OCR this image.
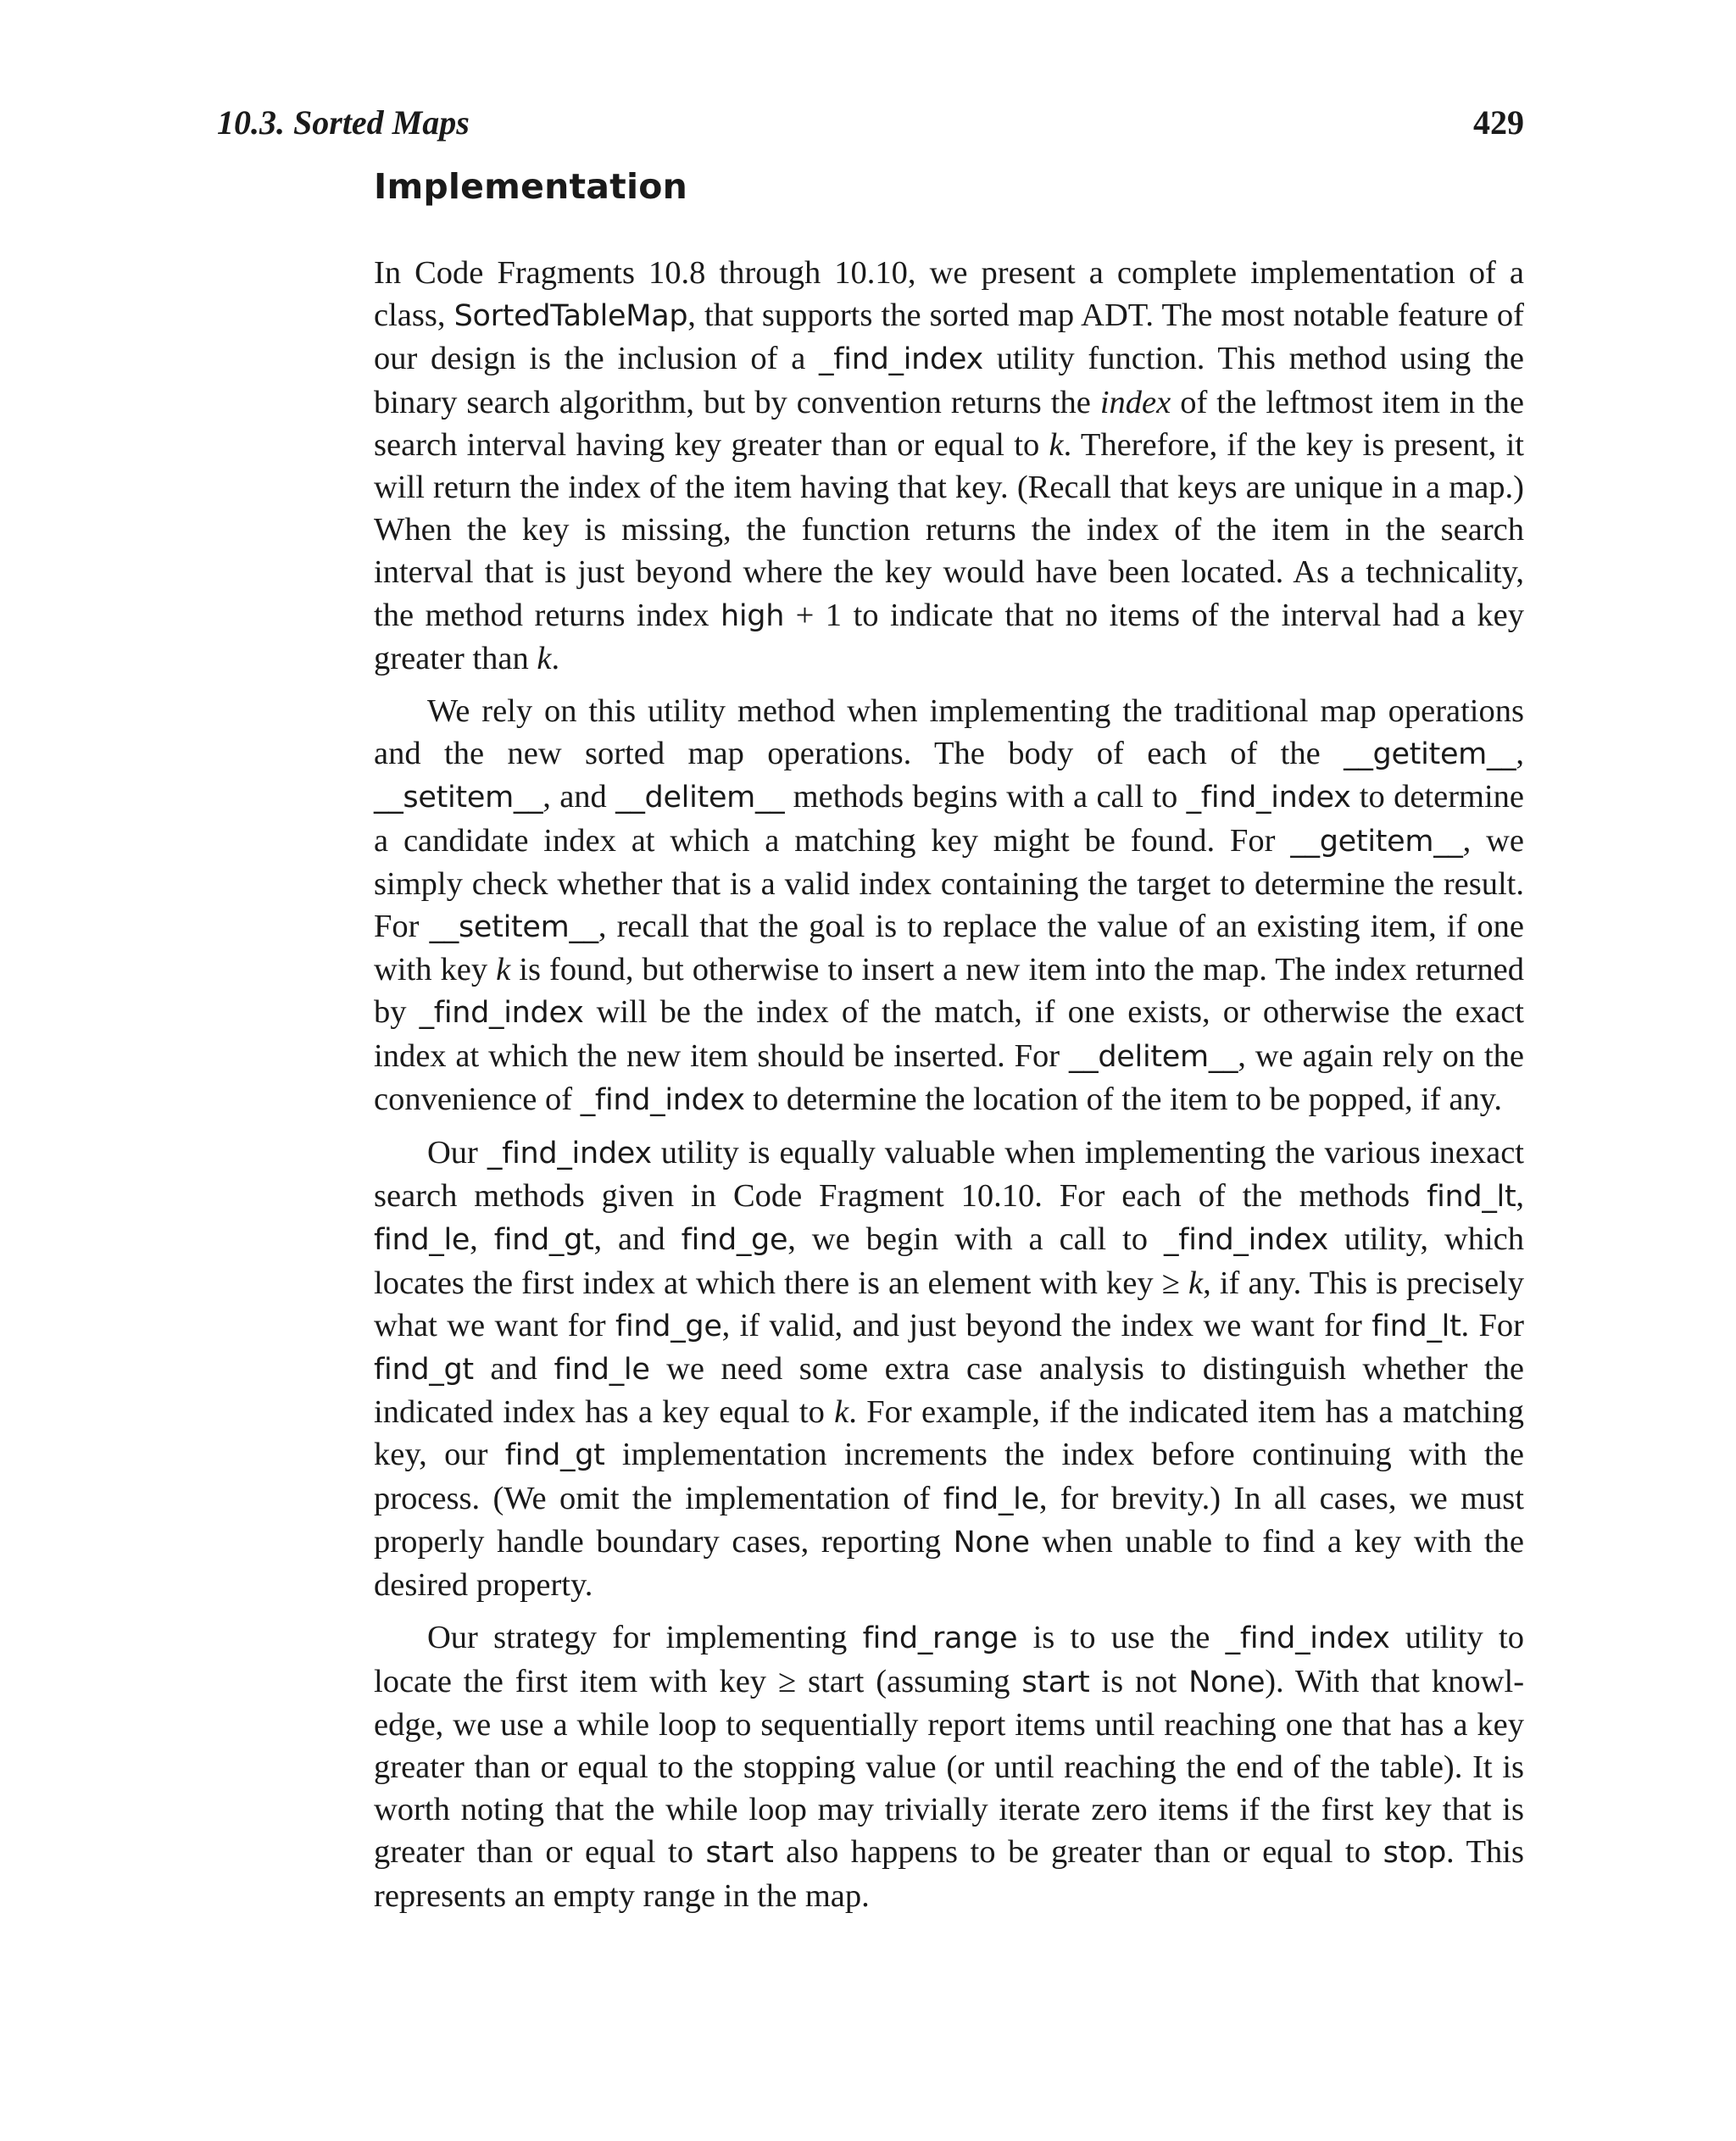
10.3. Sorted Maps	429
Implementation

In Code Fragments 10.8 through 10.10, we present a complete implementation of a class, SortedTableMap, that supports the sorted map ADT. The most notable feature of our design is the inclusion of a _find_index utility function. This method using the binary search algorithm, but by convention returns the index of the leftmost item in the search interval having key greater than or equal to k. Therefore, if the key is present, it will return the index of the item having that key. (Recall that keys are unique in a map.) When the key is missing, the function returns the index of the item in the search interval that is just beyond where the key would have been located. As a technicality, the method returns index high + 1 to indicate that no items of the interval had a key greater than k.

We rely on this utility method when implementing the traditional map operations and the new sorted map operations. The body of each of the __getitem__, __setitem__, and __delitem__ methods begins with a call to _find_index to determine a candidate index at which a matching key might be found. For __getitem__, we simply check whether that is a valid index containing the target to determine the result. For __setitem__, recall that the goal is to replace the value of an existing item, if one with key k is found, but otherwise to insert a new item into the map. The index returned by _find_index will be the index of the match, if one exists, or otherwise the exact index at which the new item should be inserted. For __delitem__, we again rely on the convenience of _find_index to determine the location of the item to be popped, if any.

Our _find_index utility is equally valuable when implementing the various inexact search methods given in Code Fragment 10.10. For each of the methods find_lt, find_le, find_gt, and find_ge, we begin with a call to _find_index utility, which locates the first index at which there is an element with key ≥ k, if any. This is precisely what we want for find_ge, if valid, and just beyond the index we want for find_lt. For find_gt and find_le we need some extra case analysis to distinguish whether the indicated index has a key equal to k. For example, if the indicated item has a matching key, our find_gt implementation increments the index before continuing with the process. (We omit the implementation of find_le, for brevity.) In all cases, we must properly handle boundary cases, reporting None when unable to find a key with the desired property.

Our strategy for implementing find_range is to use the _find_index utility to locate the first item with key ≥ start (assuming start is not None). With that knowledge, we use a while loop to sequentially report items until reaching one that has a key greater than or equal to the stopping value (or until reaching the end of the table). It is worth noting that the while loop may trivially iterate zero items if the first key that is greater than or equal to start also happens to be greater than or equal to stop. This represents an empty range in the map.
